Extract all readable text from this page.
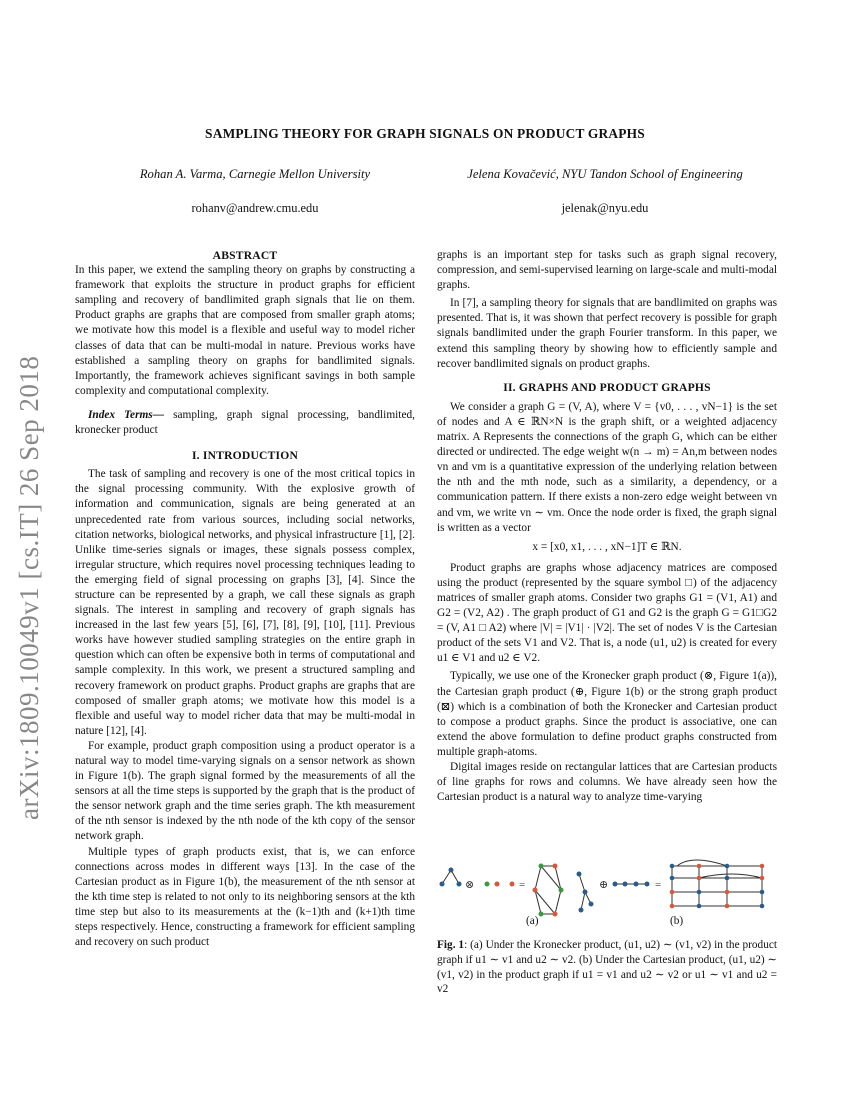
arXiv:1809.10049v1 [cs.IT] 26 Sep 2018
SAMPLING THEORY FOR GRAPH SIGNALS ON PRODUCT GRAPHS
Rohan A. Varma, Carnegie Mellon University
rohanv@andrew.cmu.edu
Jelena Kovačević, NYU Tandon School of Engineering
jelenak@nyu.edu
ABSTRACT

In this paper, we extend the sampling theory on graphs by constructing a framework that exploits the structure in product graphs for efficient sampling and recovery of bandlimited graph signals that lie on them. Product graphs are graphs that are composed from smaller graph atoms; we motivate how this model is a flexible and useful way to model richer classes of data that can be multi-modal in nature. Previous works have established a sampling theory on graphs for bandlimited signals. Importantly, the framework achieves significant savings in both sample complexity and computational complexity.

Index Terms— sampling, graph signal processing, bandlimited, kronecker product

I. INTRODUCTION

The task of sampling and recovery is one of the most critical topics in the signal processing community. With the explosive growth of information and communication, signals are being generated at an unprecedented rate from various sources, including social networks, citation networks, biological networks, and physical infrastructure [1], [2]. Unlike time-series signals or images, these signals possess complex, irregular structure, which requires novel processing techniques leading to the emerging field of signal processing on graphs [3], [4]. Since the structure can be represented by a graph, we call these signals as graph signals. The interest in sampling and recovery of graph signals has increased in the last few years [5], [6], [7], [8], [9], [10], [11]. Previous works have however studied sampling strategies on the entire graph in question which can often be expensive both in terms of computational and sample complexity. In this work, we present a structured sampling and recovery framework on product graphs. Product graphs are graphs that are composed of smaller graph atoms; we motivate how this model is a flexible and useful way to model richer data that may be multi-modal in nature [12], [4].

For example, product graph composition using a product operator is a natural way to model time-varying signals on a sensor network as shown in Figure 1(b). The graph signal formed by the measurements of all the sensors at all the time steps is supported by the graph that is the product of the sensor network graph and the time series graph. The kth measurement of the nth sensor is indexed by the nth node of the kth copy of the sensor network graph.

Multiple types of graph products exist, that is, we can enforce connections across modes in different ways [13]. In the case of the Cartesian product as in Figure 1(b), the measurement of the nth sensor at the kth time step is related to not only to its neighboring sensors at the kth time step but also to its measurements at the (k−1)th and (k+1)th time steps respectively. Hence, constructing a framework for efficient sampling and recovery on such product

graphs is an important step for tasks such as graph signal recovery, compression, and semi-supervised learning on large-scale and multi-modal graphs.

In [7], a sampling theory for signals that are bandlimited on graphs was presented. That is, it was shown that perfect recovery is possible for graph signals bandlimited under the graph Fourier transform. In this paper, we extend this sampling theory by showing how to efficiently sample and recover bandlimited signals on product graphs.

II. GRAPHS AND PRODUCT GRAPHS

We consider a graph G = (V, A), where V = {v0, . . . , vN−1} is the set of nodes and A ∈ ℝN×N is the graph shift, or a weighted adjacency matrix. A Represents the connections of the graph G, which can be either directed or undirected. The edge weight w(n → m) = An,m between nodes vn and vm is a quantitative expression of the underlying relation between the nth and the mth node, such as a similarity, a dependency, or a communication pattern. If there exists a non-zero edge weight between vn and vm, we write vn ∼ vm. Once the node order is fixed, the graph signal is written as a vector

x = [x0, x1, . . . , xN−1]T ∈ ℝN.

Product graphs are graphs whose adjacency matrices are composed using the product (represented by the square symbol □) of the adjacency matrices of smaller graph atoms. Consider two graphs G1 = (V1, A1) and G2 = (V2, A2) . The graph product of G1 and G2 is the graph G = G1□G2 = (V, A1 □ A2) where |V| = |V1| · |V2|. The set of nodes V is the Cartesian product of the sets V1 and V2. That is, a node (u1, u2) is created for every u1 ∈ V1 and u2 ∈ V2.

Typically, we use one of the Kronecker graph product (⊗, Figure 1(a)), the Cartesian graph product (⊕, Figure 1(b) or the strong graph product (⊠) which is a combination of both the Kronecker and Cartesian product to compose a product graphs. Since the product is associative, one can extend the above formulation to define product graphs constructed from multiple graph-atoms.

Digital images reside on rectangular lattices that are Cartesian products of line graphs for rows and columns. We have already seen how the Cartesian product is a natural way to analyze time-varying

⊗	=	⊕	=
(a)	(b)
Fig. 1: (a) Under the Kronecker product, (u1, u2) ∼ (v1, v2) in the product graph if u1 ∼ v1 and u2 ∼ v2. (b) Under the Cartesian product, (u1, u2) ∼ (v1, v2) in the product graph if u1 = v1 and u2 ∼ v2 or u1 ∼ v1 and u2 = v2
